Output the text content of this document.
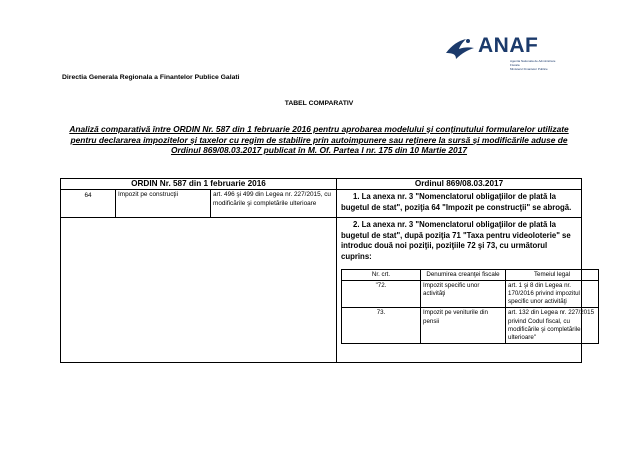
ANAF
Agentia Nationala de Administrare
Fiscala
Ministerul Finantelor Publice
Directia Generala Regionala a Finantelor Publice Galati
TABEL COMPARATIV
Analiză comparativă între ORDIN Nr. 587 din 1 februarie 2016 pentru aprobarea modelului şi conţinutului formularelor utilizate pentru declararea impozitelor şi taxelor cu regim de stabilire prin autoimpunere sau reţinere la sursă şi modificările aduse de Ordinul 869/08.03.2017 publicat în M. Of. Partea I nr. 175 din 10 Martie 2017
ORDIN Nr. 587 din 1 februarie 2016	Ordinul 869/08.03.2017
64	Impozit pe construcţii	art. 496 şi 499 din Legea nr. 227/2015, cu modificările şi completările ulterioare	
1. La anexa nr. 3 "Nomenclatorul obligaţiilor de plată la bugetul de stat", poziţia 64 "Impozit pe construcţii" se abrogă.

2. La anexa nr. 3 "Nomenclatorul obligaţiilor de plată la bugetul de stat", după poziţia 71 "Taxa pentru videoloterie" se introduc două noi poziţii, poziţiile 72 şi 73, cu următorul cuprins:
Nr. crt.	Denumirea creanţei fiscale	Temeiul legal
"72.	Impozit specific unor activităţi	art. 1 şi 8 din Legea nr. 170/2016 privind impozitul specific unor activităţi
73.	Impozit pe veniturile din pensii	art. 132 din Legea nr. 227/2015 privind Codul fiscal, cu modificările şi completările ulterioare"
